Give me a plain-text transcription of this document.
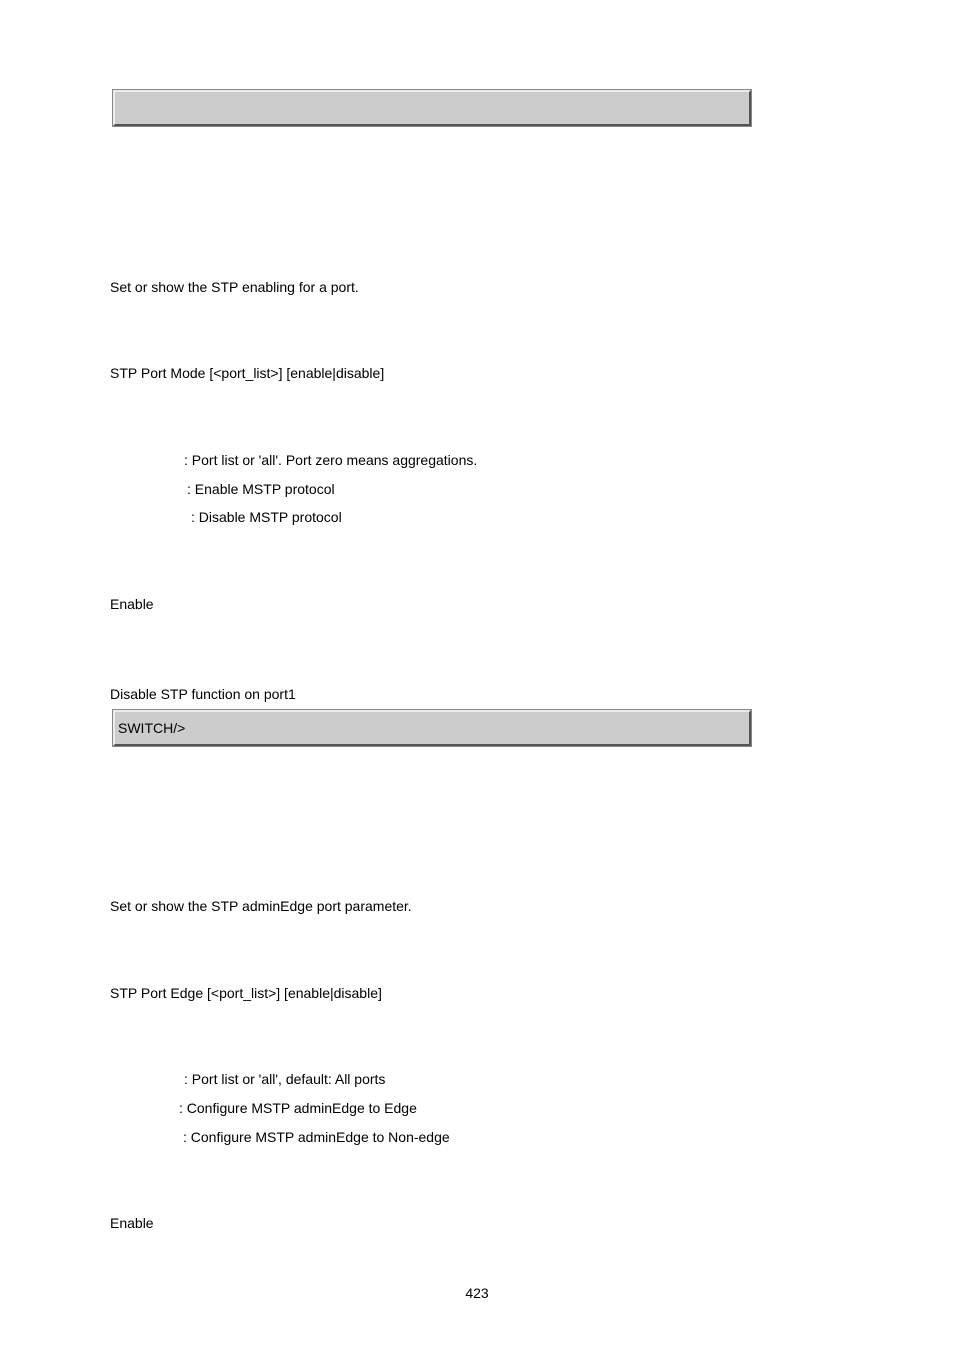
Set or show the STP enabling for a port.
STP Port Mode [<port_list>] [enable|disable]
: Port list or 'all'. Port zero means aggregations.
: Enable MSTP protocol
: Disable MSTP protocol
Enable
Disable STP function on port1
SWITCH/>
Set or show the STP adminEdge port parameter.
STP Port Edge [<port_list>] [enable|disable]
: Port list or 'all', default: All ports
: Configure MSTP adminEdge to Edge
: Configure MSTP adminEdge to Non-edge
Enable
423
